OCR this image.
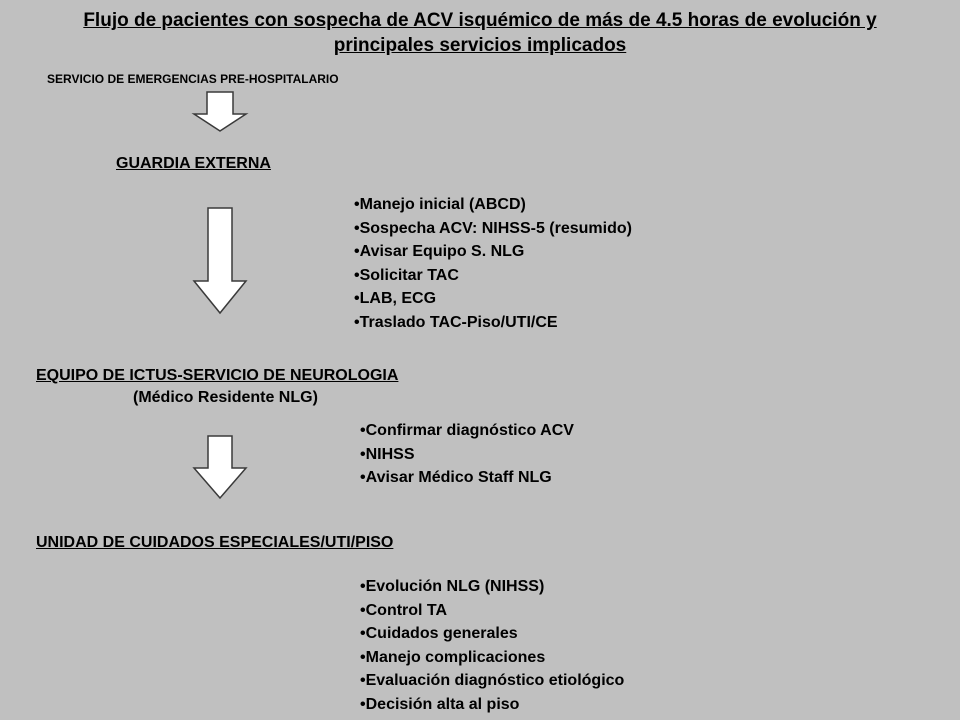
Flujo de pacientes con sospecha de ACV isquémico de más de 4.5 horas de evolución y
principales servicios implicados
SERVICIO DE EMERGENCIAS PRE-HOSPITALARIO
GUARDIA EXTERNA
• Manejo inicial (ABCD)
• Sospecha ACV: NIHSS-5 (resumido)
• Avisar Equipo S. NLG
• Solicitar TAC
• LAB, ECG
• Traslado TAC-Piso/UTI/CE
EQUIPO DE ICTUS-SERVICIO DE NEUROLOGIA
(Médico Residente NLG)
• Confirmar diagnóstico ACV
• NIHSS
• Avisar Médico Staff NLG
UNIDAD DE CUIDADOS ESPECIALES/UTI/PISO
• Evolución NLG (NIHSS)
• Control TA
• Cuidados generales
• Manejo complicaciones
• Evaluación diagnóstico etiológico
• Decisión alta al piso
